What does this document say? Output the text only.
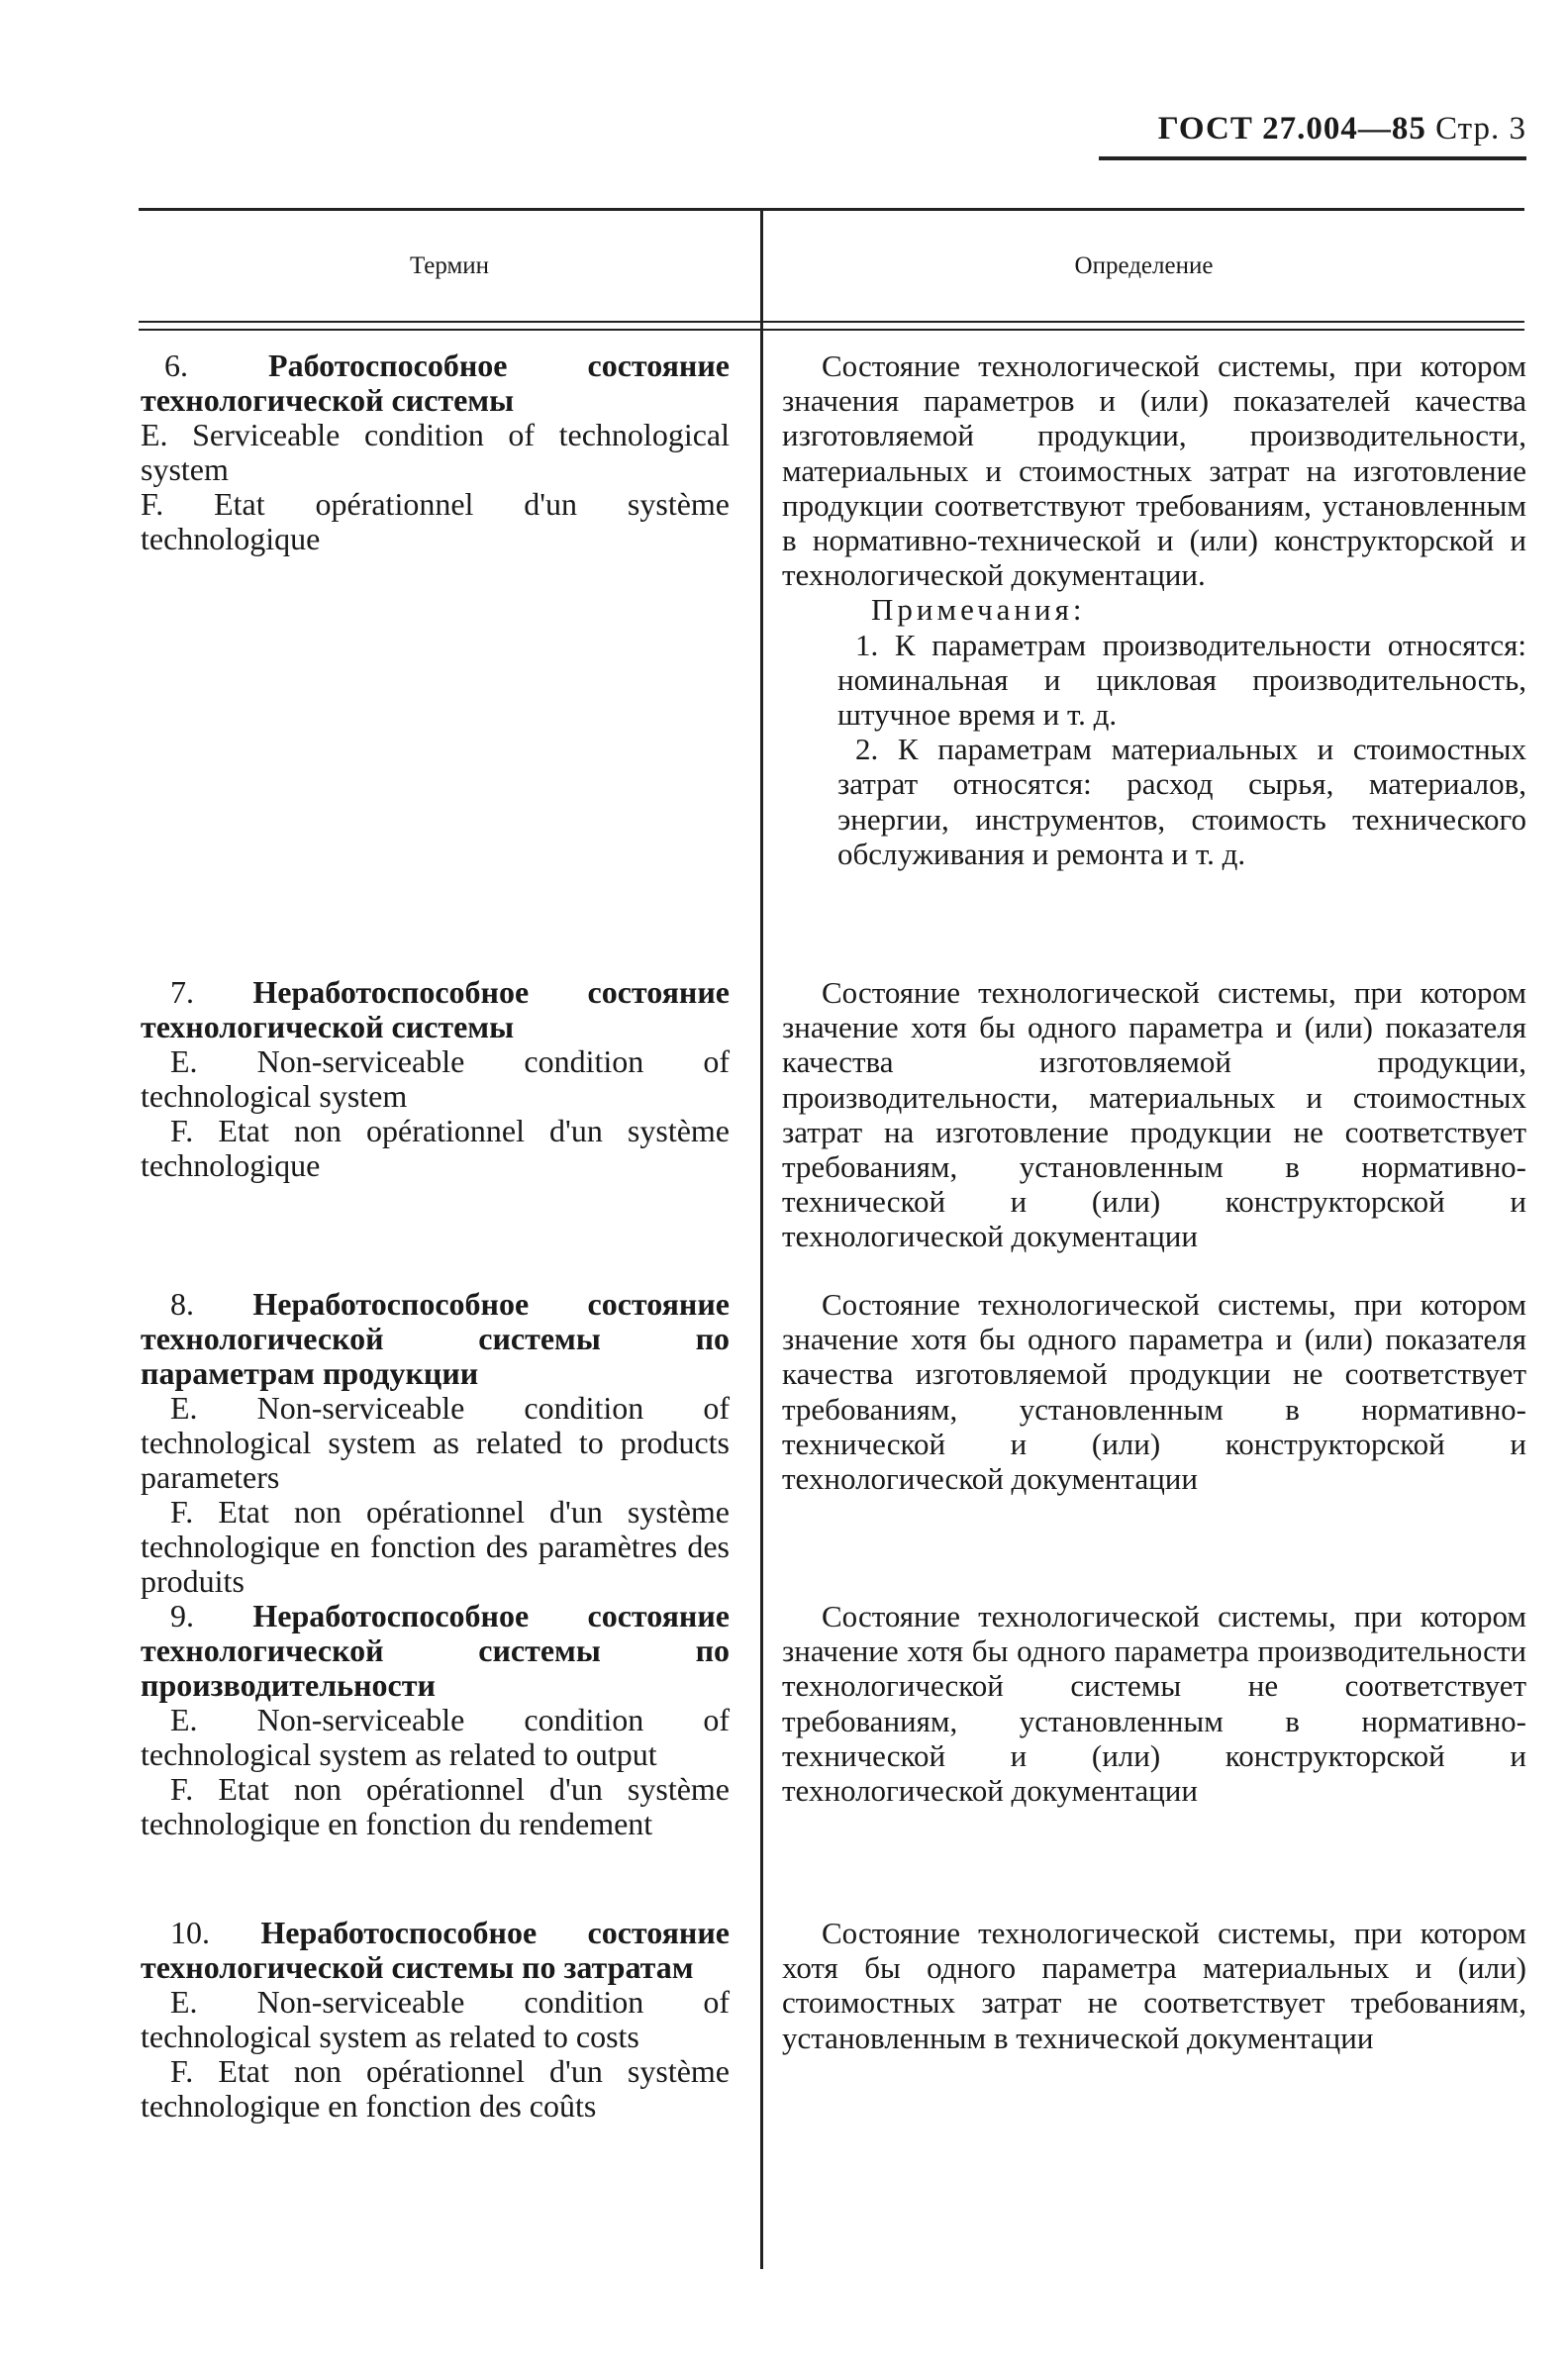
ГОСТ 27.004—85 Стр. 3
Термин	Определение
6.	Работоспособное состояние технологической системы
E. Serviceable condition of technological system
F. Etat opérationnel d'un système technologique

Состояние технологической системы, при котором значения параметров и (или) показателей качества изготовляемой продукции, производительности, материальных и стоимостных затрат на изготовление продукции соответствуют требованиям, установленным в нормативно-технической и (или) конструкторской и технологической документации.

Примечания:

1. К параметрам производительности относятся: номинальная и цикловая производительность, штучное время и т. д.

2. К параметрам материальных и стоимостных затрат относятся: расход сырья, материалов, энергии, инструментов, стоимость технического обслуживания и ремонта и т. д.

7. Неработоспособное состояние технологической системы
E. Non-serviceable condition of technological system
F. Etat non opérationnel d'un système technologique

Состояние технологической системы, при котором значение хотя бы одного параметра и (или) показателя качества изготовляемой продукции, производительности, материальных и стоимостных затрат на изготовление продукции не соответствует требованиям, установленным в нормативно-технической и (или) конструкторской и технологической документации

8. Неработоспособное состояние технологической системы по параметрам продукции
E. Non-serviceable condition of technological system as related to products parameters
F. Etat non opérationnel d'un système technologique en fonction des paramètres des produits

Состояние технологической системы, при котором значение хотя бы одного параметра и (или) показателя качества изготовляемой продукции не соответствует требованиям, установленным в нормативно-технической и (или) конструкторской и технологической документации

9. Неработоспособное состояние технологической системы по производительности
E. Non-serviceable condition of technological system as related to output
F. Etat non opérationnel d'un système technologique en fonction du rendement

Состояние технологической системы, при котором значение хотя бы одного параметра производительности технологической системы не соответствует требованиям, установленным в нормативно-технической и (или) конструкторской и технологической документации

10. Неработоспособное состояние технологической системы по затратам
E. Non-serviceable condition of technological system as related to costs
F. Etat non opérationnel d'un système technologique en fonction des coûts

Состояние технологической системы, при котором хотя бы одного параметра материальных и (или) стоимостных затрат не соответствует требованиям, установленным в технической документации
